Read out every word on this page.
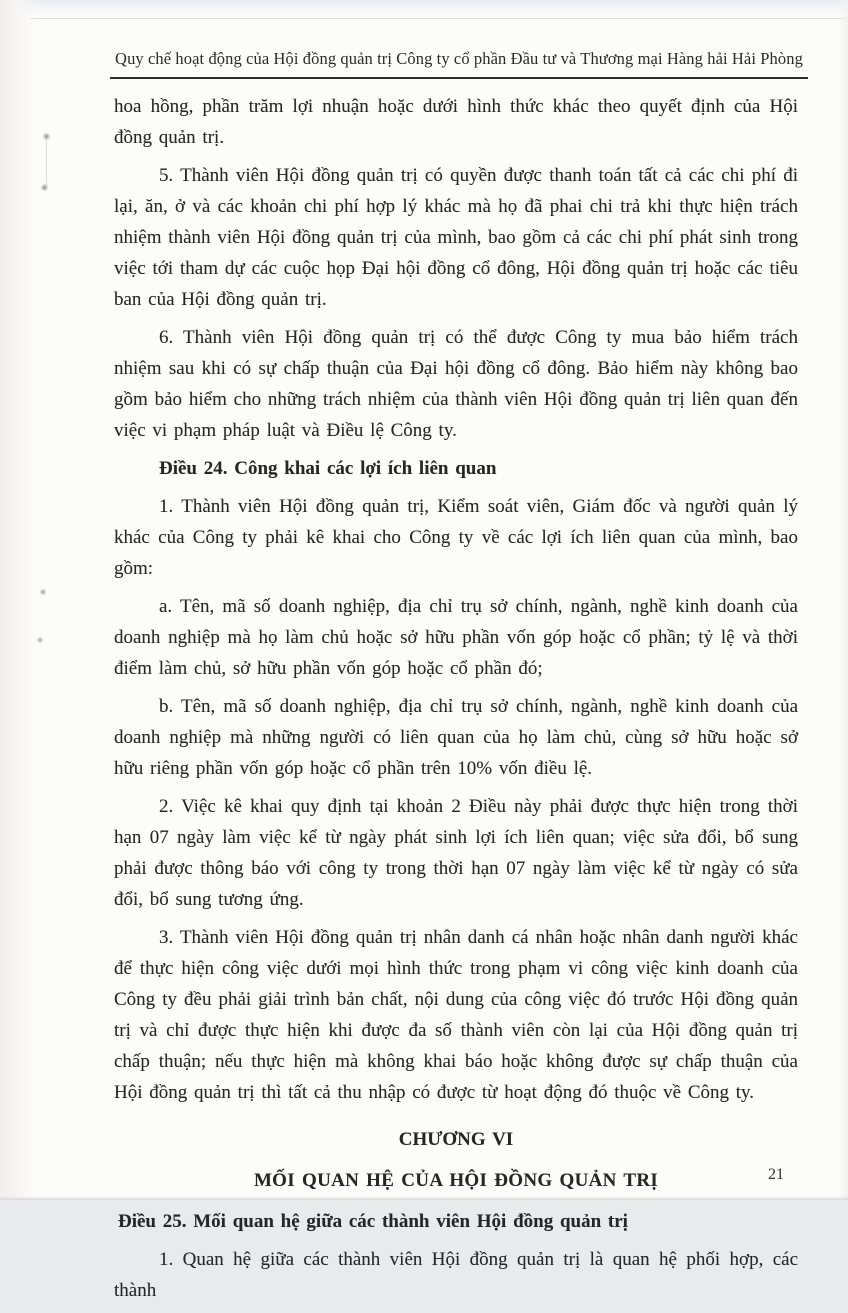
Quy chế hoạt động của Hội đồng quản trị Công ty cổ phần Đầu tư và Thương mại Hàng hải Hải Phòng

hoa hồng, phần trăm lợi nhuận hoặc dưới hình thức khác theo quyết định của Hội đồng quản trị.

5. Thành viên Hội đồng quản trị có quyền được thanh toán tất cả các chi phí đi lại, ăn, ở và các khoản chi phí hợp lý khác mà họ đã phai chi trả khi thực hiện trách nhiệm thành viên Hội đồng quản trị của mình, bao gồm cả các chi phí phát sinh trong việc tới tham dự các cuộc họp Đại hội đồng cổ đông, Hội đồng quản trị hoặc các tiêu ban của Hội đồng quản trị.

6. Thành viên Hội đồng quản trị có thể được Công ty mua bảo hiểm trách nhiệm sau khi có sự chấp thuận của Đại hội đồng cổ đông. Bảo hiểm này không bao gồm bảo hiểm cho những trách nhiệm của thành viên Hội đồng quản trị liên quan đến việc vi phạm pháp luật và Điều lệ Công ty.

Điều 24. Công khai các lợi ích liên quan

1. Thành viên Hội đồng quản trị, Kiểm soát viên, Giám đốc và người quản lý khác của Công ty phải kê khai cho Công ty về các lợi ích liên quan của mình, bao gồm:

a. Tên, mã số doanh nghiệp, địa chỉ trụ sở chính, ngành, nghề kinh doanh của doanh nghiệp mà họ làm chủ hoặc sở hữu phần vốn góp hoặc cổ phần; tỷ lệ và thời điểm làm chủ, sở hữu phần vốn góp hoặc cổ phần đó;

b. Tên, mã số doanh nghiệp, địa chỉ trụ sở chính, ngành, nghề kinh doanh của doanh nghiệp mà những người có liên quan của họ làm chủ, cùng sở hữu hoặc sở hữu riêng phần vốn góp hoặc cổ phần trên 10% vốn điều lệ.

2. Việc kê khai quy định tại khoản 2 Điều này phải được thực hiện trong thời hạn 07 ngày làm việc kể từ ngày phát sinh lợi ích liên quan; việc sửa đổi, bổ sung phải được thông báo với công ty trong thời hạn 07 ngày làm việc kể từ ngày có sửa đổi, bổ sung tương ứng.

3. Thành viên Hội đồng quản trị nhân danh cá nhân hoặc nhân danh người khác để thực hiện công việc dưới mọi hình thức trong phạm vi công việc kinh doanh của Công ty đều phải giải trình bản chất, nội dung của công việc đó trước Hội đồng quản trị và chỉ được thực hiện khi được đa số thành viên còn lại của Hội đồng quản trị chấp thuận; nếu thực hiện mà không khai báo hoặc không được sự chấp thuận của Hội đồng quản trị thì tất cả thu nhập có được từ hoạt động đó thuộc về Công ty.

CHƯƠNG VI

MỐI QUAN HỆ CỦA HỘI ĐỒNG QUẢN TRỊ

Điều 25. Mối quan hệ giữa các thành viên Hội đồng quản trị

1. Quan hệ giữa các thành viên Hội đồng quản trị là quan hệ phối hợp, các thành

21
